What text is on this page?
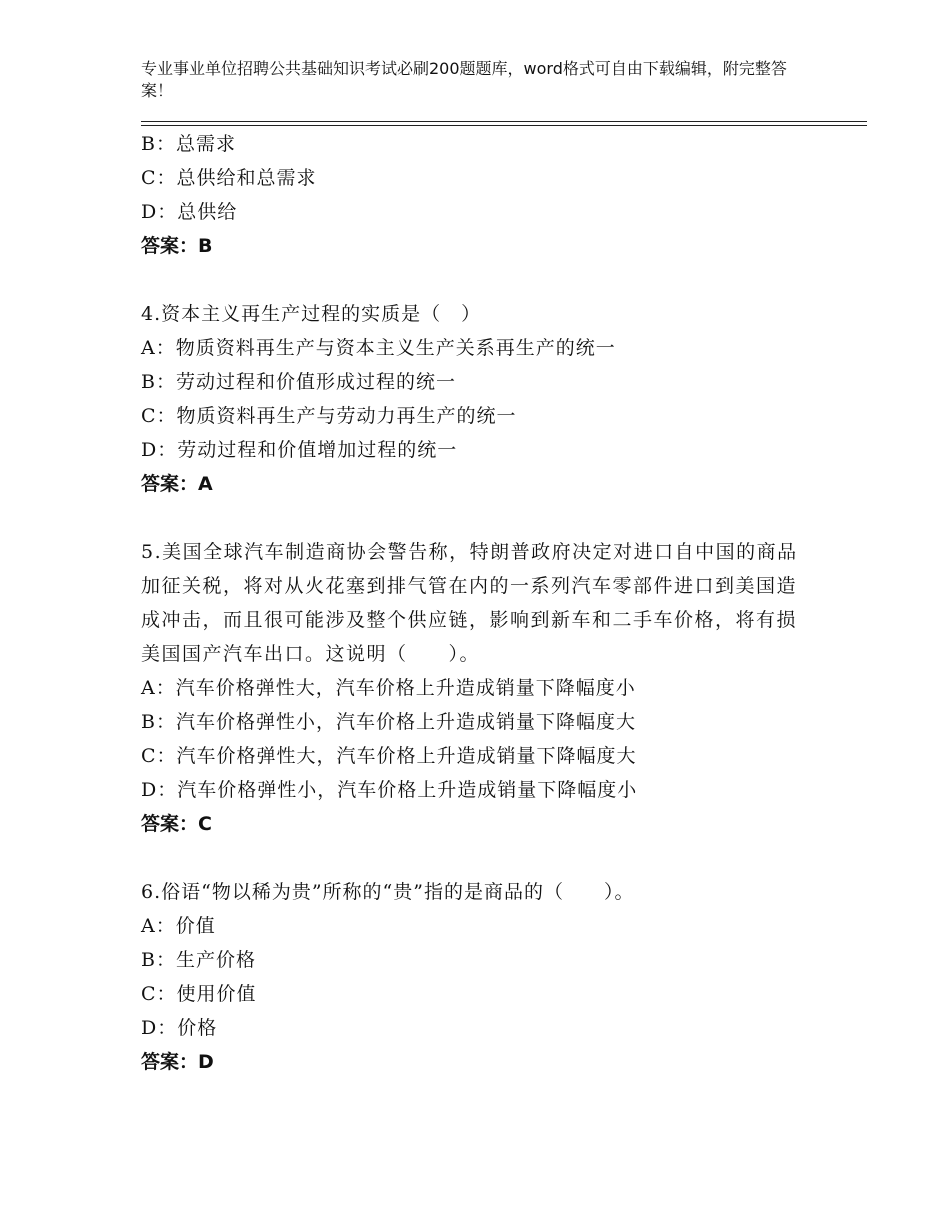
专业事业单位招聘公共基础知识考试必刷200题题库，word格式可自由下载编辑，附完整答案！
B：总需求
C：总供给和总需求
D：总供给
答案：B
4.资本主义再生产过程的实质是（　）
A：物质资料再生产与资本主义生产关系再生产的统一
B：劳动过程和价值形成过程的统一
C：物质资料再生产与劳动力再生产的统一
D：劳动过程和价值增加过程的统一
答案：A
5.美国全球汽车制造商协会警告称，特朗普政府决定对进口自中国的商品加征关税，将对从火花塞到排气管在内的一系列汽车零部件进口到美国造成冲击，而且很可能涉及整个供应链，影响到新车和二手车价格，将有损美国国产汽车出口。这说明（　　）。
A：汽车价格弹性大，汽车价格上升造成销量下降幅度小
B：汽车价格弹性小，汽车价格上升造成销量下降幅度大
C：汽车价格弹性大，汽车价格上升造成销量下降幅度大
D：汽车价格弹性小，汽车价格上升造成销量下降幅度小
答案：C
6.俗语“物以稀为贵”所称的“贵”指的是商品的（　　）。
A：价值
B：生产价格
C：使用价值
D：价格
答案：D
